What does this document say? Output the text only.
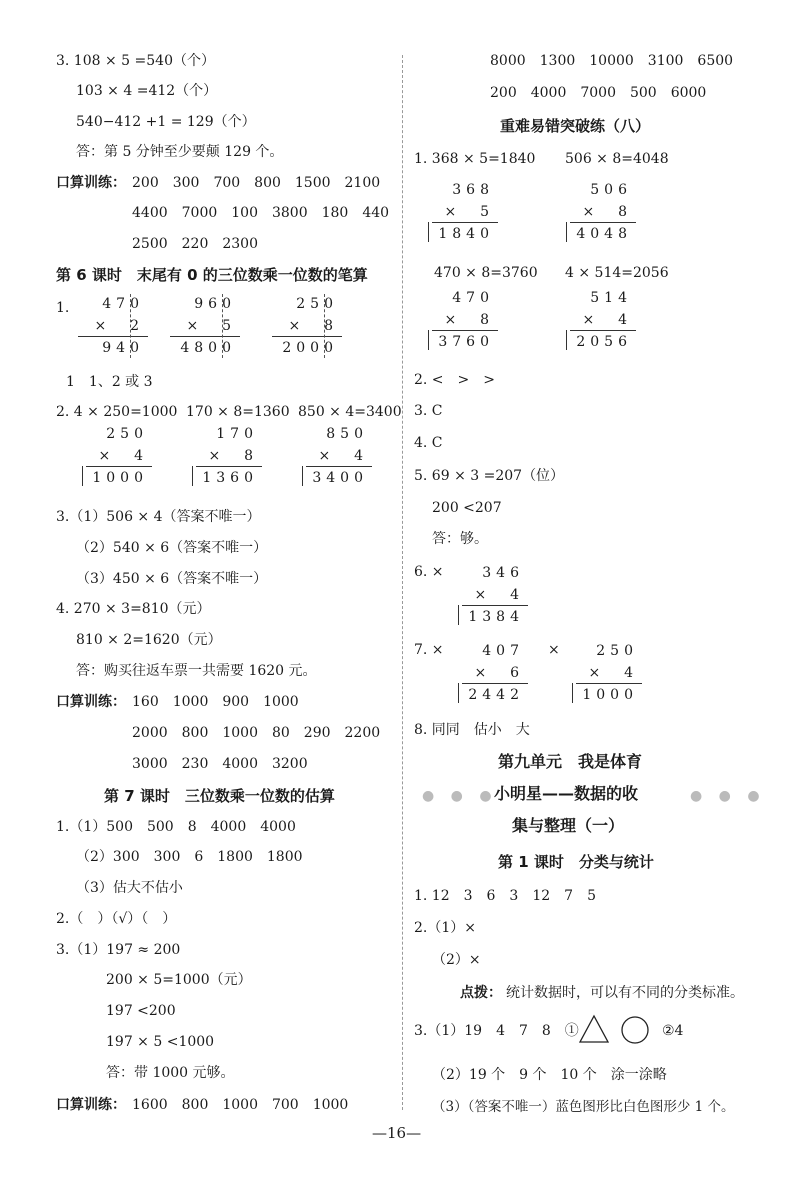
3. 108 × 5 =540（个）
103 × 4 =412（个）
540−412 +1 = 129（个）
答：第 5 分钟至少要颠 129 个。
口算训练： 200　300　700　800　1500　2100
4400　7000　100　3800　180　440
2500　220　2300
第 6 课时　末尾有 0 的三位数乘一位数的笔算
1.	470
×  2
940
960
×  5
4800
250
×  8
2000
1　1、2 或 3
2. 4 × 250=1000 170 × 8=1360 850 × 4=3400
250
×  4
1000
170
×  8
1360
850
×  4
3400
3.（1）506 × 4（答案不唯一）
（2）540 × 6（答案不唯一）
（3）450 × 6（答案不唯一）
4. 270 × 3=810（元）
810 × 2=1620（元）
答：购买往返车票一共需要 1620 元。
口算训练： 160　1000　900　1000
2000　800　1000　80　290　2200
3000　230　4000　3200
第 7 课时　三位数乘一位数的估算
1.（1）500　500　8　4000　4000
（2）300　300　6　1800　1800
（3）估大不估小
2.（　）（√）（　）
3.（1）197 ≈ 200
200 × 5=1000（元）
197 <200
197 × 5 <1000
答：带 1000 元够。
口算训练： 1600　800　1000　700　1000
8000　1300　10000　3100　6500
200　4000　7000　500　6000
重难易错突破练（八）
1. 368 × 5=1840 506 × 8=4048
470 × 8=3760 4 × 514=2056
368
×  5
1840
506
×  8
4048
470
×  8
3760
514
×  4
2056
2. <　>　>
3. C
4. C
5. 69 × 3 =207（位）
200 <207
答：够。
6. ×	346
×  4
1384
7. ×	×
407
×  6
2442
250
×  4
1000
8. 同同　估小　大
● ● ●	● ● ●
第九单元　我是体育
小明星——数据的收
集与整理（一）
第 1 课时　分类与统计
1. 12　3　6　3　12　7　5
2.（1）×
（2）×
点拨： 统计数据时，可以有不同的分类标准。
3.（1）19　4　7　8　①	②4
（2）19 个　9 个　10 个　涂一涂略
（3）（答案不唯一）蓝色图形比白色图形少 1 个。
—16—
